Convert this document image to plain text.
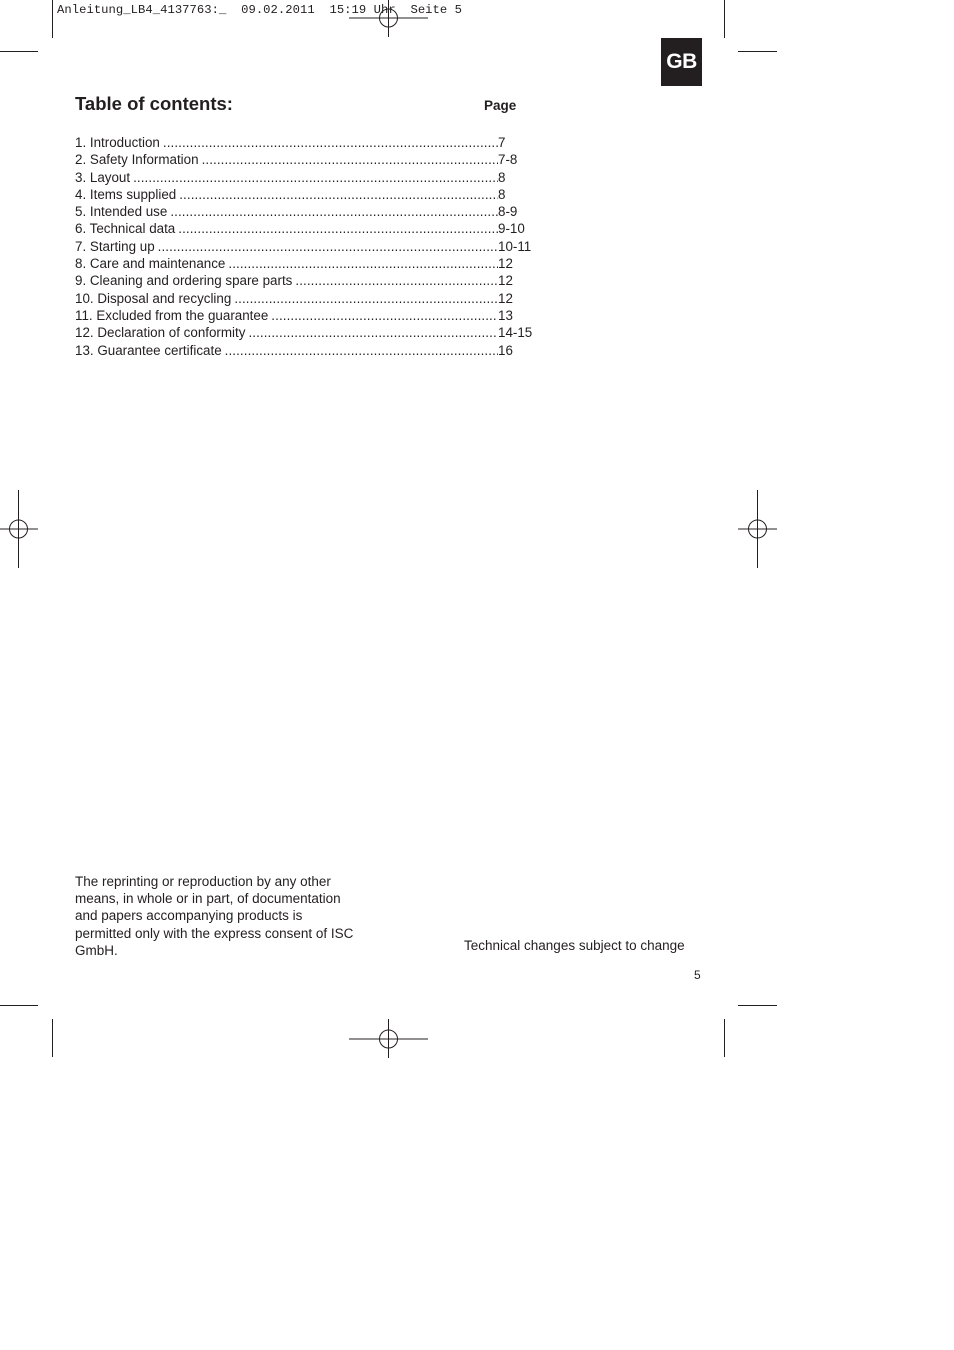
Anleitung_LB4_4137763:_  09.02.2011  15:19 Uhr  Seite 5
GB
Table of contents:	Page
1. Introduction .....	7
2. Safety Information .....	7-8
3. Layout .....	8
4. Items supplied .....	8
5. Intended use .....	8-9
6. Technical data .....	9-10
7. Starting up .....	10-11
8. Care and maintenance .....	12
9. Cleaning and ordering spare parts .....	12
10. Disposal and recycling .....	12
11. Excluded from the guarantee .....	13
12. Declaration of conformity .....	14-15
13. Guarantee certificate .....	16
The reprinting or reproduction by any other
means, in whole or in part, of documentation
and papers accompanying products is
permitted only with the express consent of ISC
GmbH.	Technical changes subject to change
5
